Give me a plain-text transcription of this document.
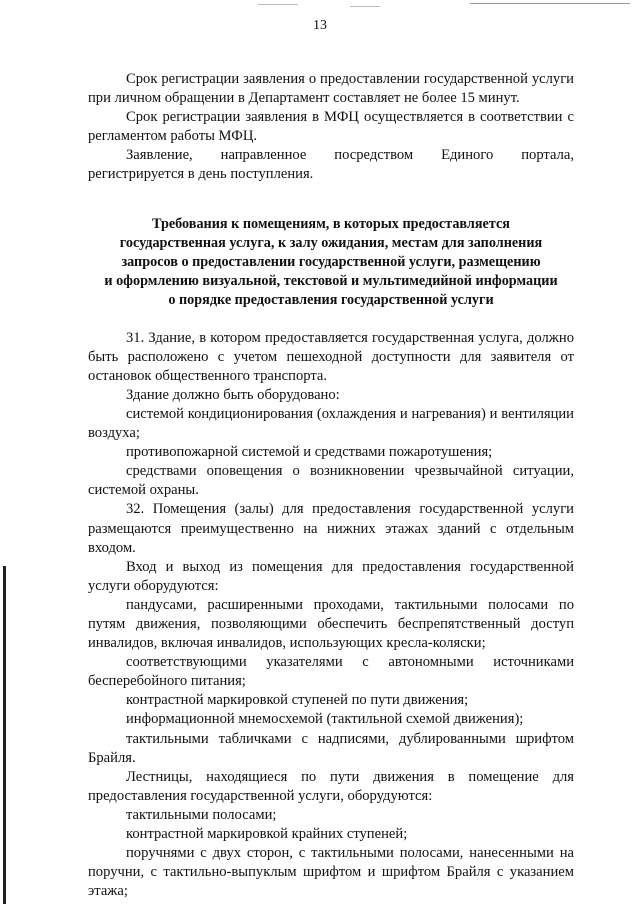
13

Срок регистрации заявления о предоставлении государственной услуги при личном обращении в Департамент составляет не более 15 минут.

Срок регистрации заявления в МФЦ осуществляется в соответствии с регламентом работы МФЦ.

Заявление, направленное посредством Единого портала, регистрируется в день поступления.

Требования к помещениям, в которых предоставляется
государственная услуга, к залу ожидания, местам для заполнения
запросов о предоставлении государственной услуги, размещению
и оформлению визуальной, текстовой и мультимедийной информации
о порядке предоставления государственной услуги

31. Здание, в котором предоставляется государственная услуга, должно быть расположено с учетом пешеходной доступности для заявителя от остановок общественного транспорта.

Здание должно быть оборудовано:

системой кондиционирования (охлаждения и нагревания) и вентиляции воздуха;

противопожарной системой и средствами пожаротушения;

средствами оповещения о возникновении чрезвычайной ситуации, системой охраны.

32. Помещения (залы) для предоставления государственной услуги размещаются преимущественно на нижних этажах зданий с отдельным входом.

Вход и выход из помещения для предоставления государственной услуги оборудуются:

пандусами, расширенными проходами, тактильными полосами по путям движения, позволяющими обеспечить беспрепятственный доступ инвалидов, включая инвалидов, использующих кресла-коляски;

соответствующими указателями с автономными источниками бесперебойного питания;

контрастной маркировкой ступеней по пути движения;

информационной мнемосхемой (тактильной схемой движения);

тактильными табличками с надписями, дублированными шрифтом Брайля.

Лестницы, находящиеся по пути движения в помещение для предоставления государственной услуги, оборудуются:

тактильными полосами;

контрастной маркировкой крайних ступеней;

поручнями с двух сторон, с тактильными полосами, нанесенными на поручни, с тактильно-выпуклым шрифтом и шрифтом Брайля с указанием этажа;
